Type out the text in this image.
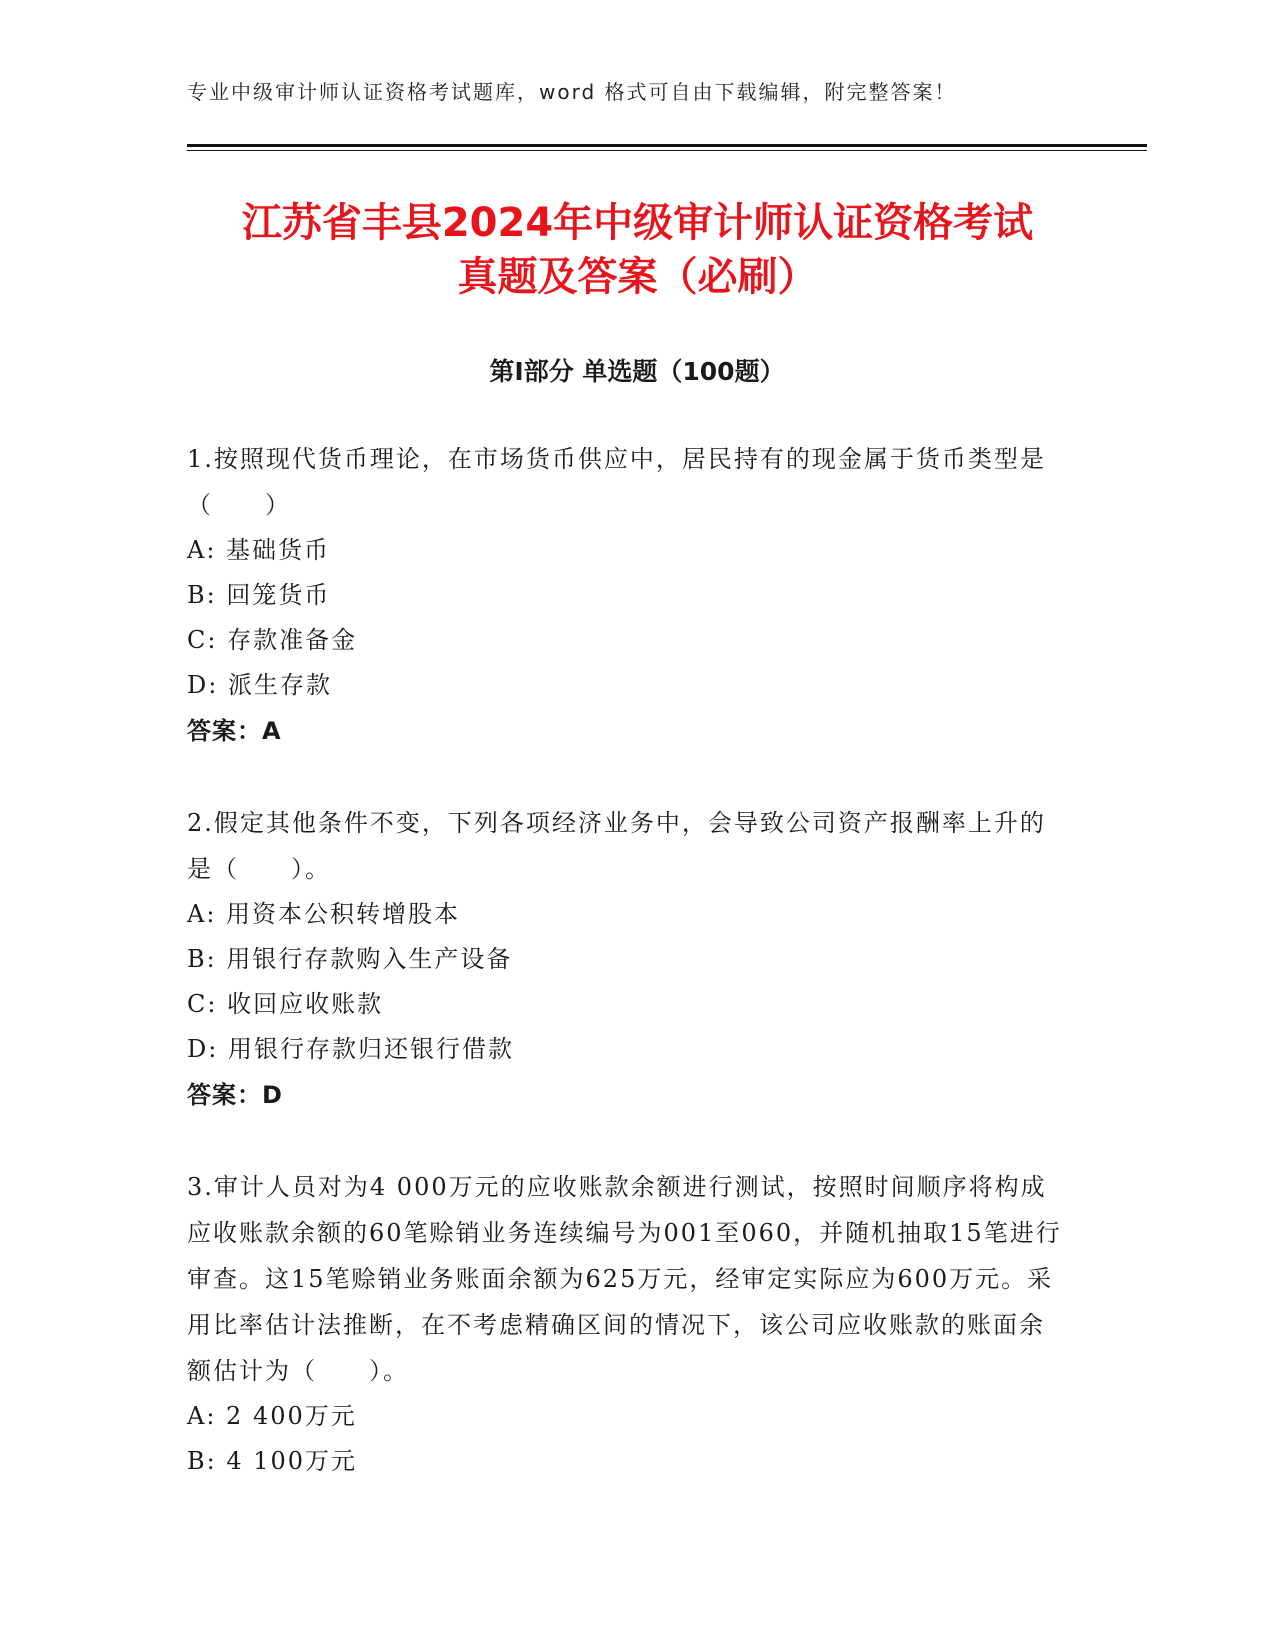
专业中级审计师认证资格考试题库，word 格式可自由下载编辑，附完整答案！
江苏省丰县2024年中级审计师认证资格考试
真题及答案（必刷）
第Ⅰ部分 单选题（100题）

1.按照现代货币理论，在市场货币供应中，居民持有的现金属于货币类型是（　　）

A: 基础货币

B: 回笼货币

C: 存款准备金

D: 派生存款

答案：A

2.假定其他条件不变，下列各项经济业务中，会导致公司资产报酬率上升的是（　　）。

A: 用资本公积转增股本

B: 用银行存款购入生产设备

C: 收回应收账款

D: 用银行存款归还银行借款

答案：D

3.审计人员对为4 000万元的应收账款余额进行测试，按照时间顺序将构成应收账款余额的60笔赊销业务连续编号为001至060，并随机抽取15笔进行审查。这15笔赊销业务账面余额为625万元，经审定实际应为600万元。采用比率估计法推断，在不考虑精确区间的情况下，该公司应收账款的账面余额估计为（　　）。

A: 2 400万元

B: 4 100万元
